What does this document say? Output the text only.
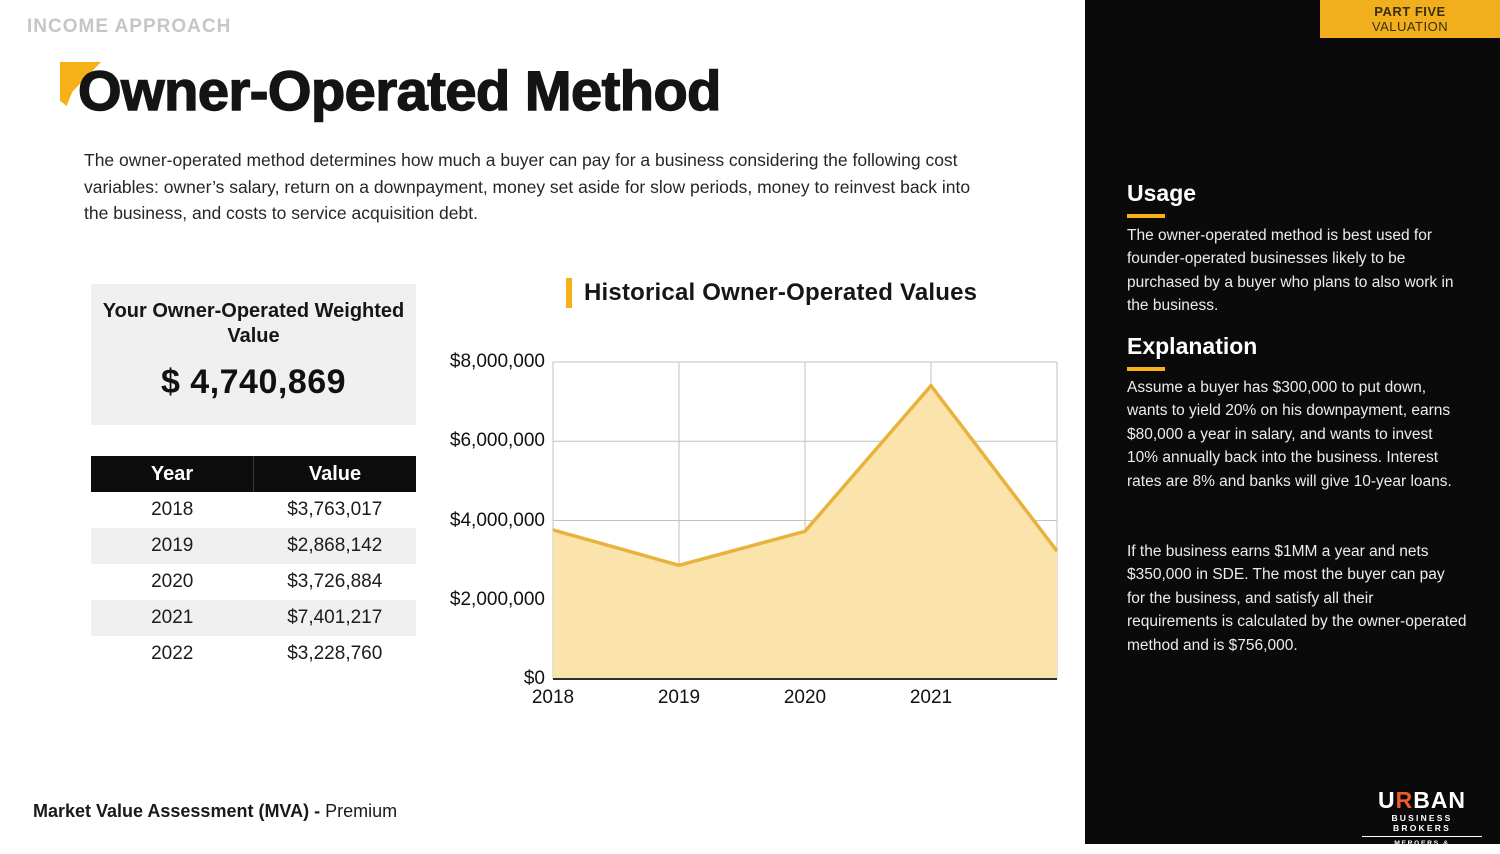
INCOME APPROACH
Owner-Operated Method

The owner-operated method determines how much a buyer can pay for a business considering the following cost variables: owner’s salary, return on a downpayment, money set aside for slow periods, money to reinvest back into the business, and costs to service acquisition debt.

Your Owner-Operated Weighted Value
$ 4,740,869
Year	Value
2018	$3,763,017
2019	$2,868,142
2020	$3,726,884
2021	$7,401,217
2022	$3,228,760
Historical Owner-Operated Values
$0
$2,000,000
$4,000,000
$6,000,000
$8,000,000
2018	2019	2020	2021
PART FIVE
VALUATION
Usage

The owner-operated method is best used for founder-operated businesses likely to be purchased by a buyer who plans to also work in the business.

Explanation

Assume a buyer has $300,000 to put down, wants to yield 20% on his downpayment, earns $80,000 a year in salary, and wants to invest 10% annually back into the business. Interest rates are 8% and banks will give 10-year loans.

If the business earns $1MM a year and nets $350,000 in SDE. The most the buyer can pay for the business, and satisfy all their requirements is calculated by the owner-operated method and is $756,000.

URBAN
BUSINESS BROKERS
MERGERS & ACQUISITIONS
Market Value Assessment (MVA) - Premium
